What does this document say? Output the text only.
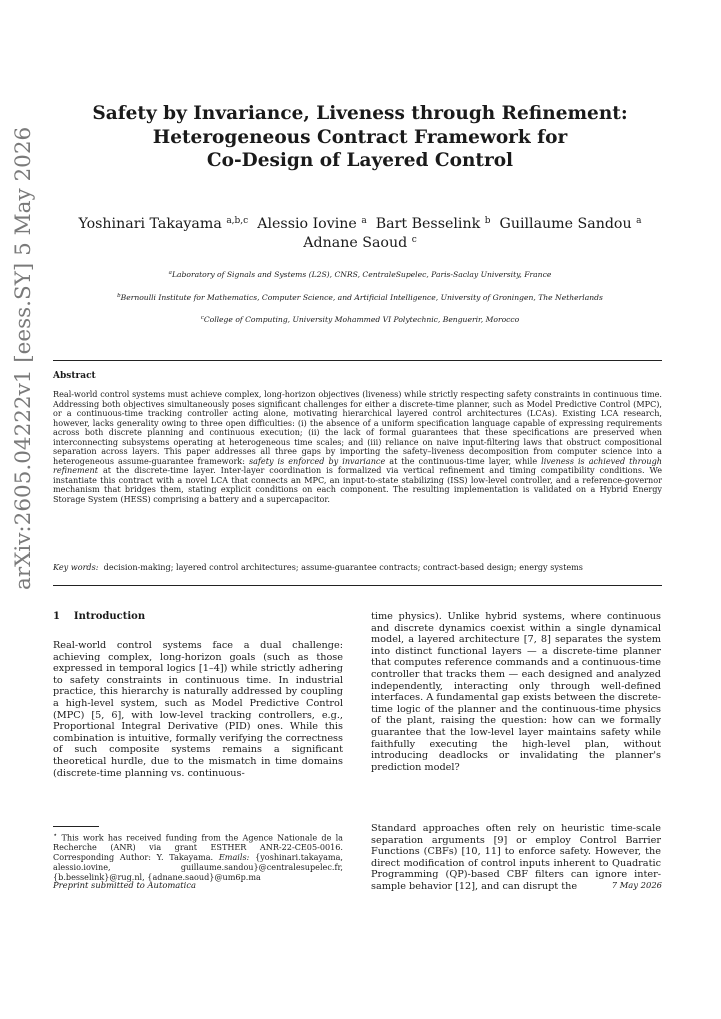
arXiv:2605.04222v1 [eess.SY] 5 May 2026
Safety by Invariance, Liveness through Refinement:
Heterogeneous Contract Framework for
Co-Design of Layered Control
Yoshinari Takayama $^{a,b,c}$ Alessio Iovine $^a$ Bart Besselink $^b$ Guillaume Sandou $^a$
Adnane Saoud $^c$
$^a$Laboratory of Signals and Systems (L2S), CNRS, CentraleSupelec, Paris-Saclay University, France
$^b$Bernoulli Institute for Mathematics, Computer Science, and Artificial Intelligence, University of Groningen, The Netherlands
$^c$College of Computing, University Mohammed VI Polytechnic, Benguerir, Morocco
Abstract
Real-world control systems must achieve complex, long-horizon objectives (liveness) while strictly respecting safety constraints in continuous time. Addressing both objectives simultaneously poses significant challenges for either a discrete-time planner, such as Model Predictive Control (MPC), or a continuous-time tracking controller acting alone, motivating hierarchical layered control architectures (LCAs). Existing LCA research, however, lacks generality owing to three open difficulties: (i) the absence of a uniform specification language capable of expressing requirements across both discrete planning and continuous execution; (ii) the lack of formal guarantees that these specifications are preserved when interconnecting subsystems operating at heterogeneous time scales; and (iii) reliance on naive input-filtering laws that obstruct compositional separation across layers. This paper addresses all three gaps by importing the safety–liveness decomposition from computer science into a heterogeneous assume-guarantee framework: safety is enforced by invariance at the continuous-time layer, while liveness is achieved through refinement at the discrete-time layer. Inter-layer coordination is formalized via vertical refinement and timing compatibility conditions. We instantiate this contract with a novel LCA that connects an MPC, an input-to-state stabilizing (ISS) low-level controller, and a reference-governor mechanism that bridges them, stating explicit conditions on each component. The resulting implementation is validated on a Hybrid Energy Storage System (HESS) comprising a battery and a supercapacitor.
Key words: decision-making; layered control architectures; assume-guarantee contracts; contract-based design; energy systems
1 Introduction
Real-world control systems face a dual challenge: achieving complex, long-horizon goals (such as those expressed in temporal logics [1–4]) while strictly adhering to safety constraints in continuous time. In industrial practice, this hierarchy is naturally addressed by coupling a high-level system, such as Model Predictive Control (MPC) [5, 6], with low-level tracking controllers, e.g., Proportional Integral Derivative (PID) ones. While this combination is intuitive, formally verifying the correctness of such composite systems remains a significant theoretical hurdle, due to the mismatch in time domains (discrete-time planning vs. continuous-
⋆ This work has received funding from the Agence Nationale de la Recherche (ANR) via grant ESTHER ANR-22-CE05-0016. Corresponding Author: Y. Takayama. Emails: {yoshinari.takayama, alessio.iovine, guillaume.sandou}@centralesupelec.fr, {b.besselink}@rug.nl, {adnane.saoud}@um6p.ma
time physics). Unlike hybrid systems, where continuous and discrete dynamics coexist within a single dynamical model, a layered architecture [7, 8] separates the system into distinct functional layers — a discrete-time planner that computes reference commands and a continuous-time controller that tracks them — each designed and analyzed independently, interacting only through well-defined interfaces. A fundamental gap exists between the discrete-time logic of the planner and the continuous-time physics of the plant, raising the question: how can we formally guarantee that the low-level layer maintains safety while faithfully executing the high-level plan, without introducing deadlocks or invalidating the planner's prediction model?
Standard approaches often rely on heuristic time-scale separation arguments [9] or employ Control Barrier Functions (CBFs) [10, 11] to enforce safety. However, the direct modification of control inputs inherent to Quadratic Programming (QP)-based CBF filters can ignore inter-sample behavior [12], and can disrupt the
Preprint submitted to Automatica	7 May 2026
